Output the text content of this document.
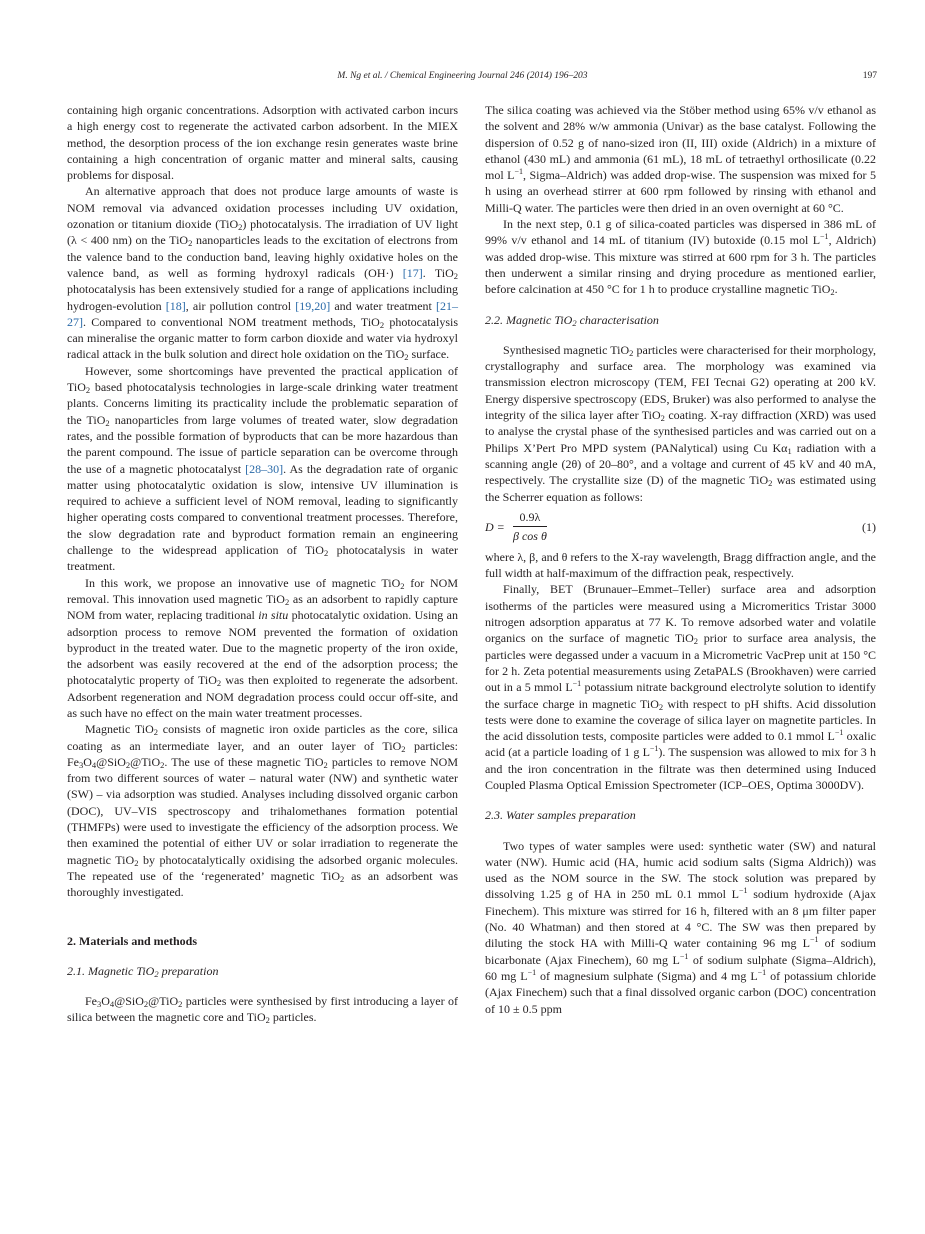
M. Ng et al. / Chemical Engineering Journal 246 (2014) 196–203	197

containing high organic concentrations. Adsorption with activated carbon incurs a high energy cost to regenerate the activated carbon adsorbent. In the MIEX method, the desorption process of the ion exchange resin generates waste brine containing a high concentration of organic matter and mineral salts, causing problems for disposal.

An alternative approach that does not produce large amounts of waste is NOM removal via advanced oxidation processes including UV oxidation, ozonation or titanium dioxide (TiO$_2$) photocatalysis. The irradiation of UV light (λ < 400 nm) on the TiO$_2$ nanoparticles leads to the excitation of electrons from the valence band to the conduction band, leaving highly oxidative holes on the valence band, as well as forming hydroxyl radicals (OH·) [17]. TiO$_2$ photocatalysis has been extensively studied for a range of applications including hydrogen-evolution [18], air pollution control [19,20] and water treatment [21–27]. Compared to conventional NOM treatment methods, TiO$_2$ photocatalysis can mineralise the organic matter to form carbon dioxide and water via hydroxyl radical attack in the bulk solution and direct hole oxidation on the TiO$_2$ surface.

However, some shortcomings have prevented the practical application of TiO$_2$ based photocatalysis technologies in large-scale drinking water treatment plants. Concerns limiting its practicality include the problematic separation of the TiO$_2$ nanoparticles from large volumes of treated water, slow degradation rates, and the possible formation of byproducts that can be more hazardous than the parent compound. The issue of particle separation can be overcome through the use of a magnetic photocatalyst [28–30]. As the degradation rate of organic matter using photocatalytic oxidation is slow, intensive UV illumination is required to achieve a sufficient level of NOM removal, leading to significantly higher operating costs compared to conventional treatment processes. Therefore, the slow degradation rate and byproduct formation remain an engineering challenge to the widespread application of TiO$_2$ photocatalysis in water treatment.

In this work, we propose an innovative use of magnetic TiO$_2$ for NOM removal. This innovation used magnetic TiO$_2$ as an adsorbent to rapidly capture NOM from water, replacing traditional in situ photocatalytic oxidation. Using an adsorption process to remove NOM prevented the formation of oxidation byproduct in the treated water. Due to the magnetic property of the iron oxide, the adsorbent was easily recovered at the end of the adsorption process; the photocatalytic property of TiO$_2$ was then exploited to regenerate the adsorbent. Adsorbent regeneration and NOM degradation process could occur off-site, and as such have no effect on the main water treatment processes.

Magnetic TiO$_2$ consists of magnetic iron oxide particles as the core, silica coating as an intermediate layer, and an outer layer of TiO$_2$ particles: $Fe_3O_4@SiO_2@TiO_2$. The use of these magnetic TiO$_2$ particles to remove NOM from two different sources of water – natural water (NW) and synthetic water (SW) – via adsorption was studied. Analyses including dissolved organic carbon (DOC), UV–VIS spectroscopy and trihalomethanes formation potential (THMFPs) were used to investigate the efficiency of the adsorption process. We then examined the potential of either UV or solar irradiation to regenerate the magnetic TiO$_2$ by photocatalytically oxidising the adsorbed organic molecules. The repeated use of the ‘regenerated’ magnetic TiO$_2$ as an adsorbent was thoroughly investigated.

2. Materials and methods

2.1. Magnetic TiO$_2$ preparation

$Fe_3O_4@SiO_2@TiO_2$ particles were synthesised by first introducing a layer of silica between the magnetic core and TiO$_2$ particles.

The silica coating was achieved via the Stöber method using 65% v/v ethanol as the solvent and 28% w/w ammonia (Univar) as the base catalyst. Following the dispersion of 0.52 g of nano-sized iron (II, III) oxide (Aldrich) in a mixture of ethanol (430 mL) and ammonia (61 mL), 18 mL of tetraethyl orthosilicate (0.22 mol $L^{-1}$, Sigma–Aldrich) was added drop-wise. The suspension was mixed for 5 h using an overhead stirrer at 600 rpm followed by rinsing with ethanol and Milli-Q water. The particles were then dried in an oven overnight at 60 °C.

In the next step, 0.1 g of silica-coated particles was dispersed in 386 mL of 99% v/v ethanol and 14 mL of titanium (IV) butoxide (0.15 mol $L^{-1}$, Aldrich) was added drop-wise. This mixture was stirred at 600 rpm for 3 h. The particles then underwent a similar rinsing and drying procedure as mentioned earlier, before calcination at 450 °C for 1 h to produce crystalline magnetic TiO$_2$.

2.2. Magnetic TiO$_2$ characterisation

Synthesised magnetic TiO$_2$ particles were characterised for their morphology, crystallography and surface area. The morphology was examined via transmission electron microscopy (TEM, FEI Tecnai G2) operating at 200 kV. Energy dispersive spectroscopy (EDS, Bruker) was also performed to analyse the integrity of the silica layer after TiO$_2$ coating. X-ray diffraction (XRD) was used to analyse the crystal phase of the synthesised particles and was carried out on a Philips X’Pert Pro MPD system (PANalytical) using Cu $K\alpha_1$ radiation with a scanning angle (2θ) of 20–80°, and a voltage and current of 45 kV and 40 mA, respectively. The crystallite size (D) of the magnetic TiO$_2$ was estimated using the Scherrer equation as follows:

$D = \frac{0.9\lambda}{\text{β cos θ}}$	(1)

where λ, β, and θ refers to the X-ray wavelength, Bragg diffraction angle, and the full width at half-maximum of the diffraction peak, respectively.

Finally, BET (Brunauer–Emmet–Teller) surface area and adsorption isotherms of the particles were measured using a Micromeritics Tristar 3000 nitrogen adsorption apparatus at 77 K. To remove adsorbed water and volatile organics on the surface of magnetic TiO$_2$ prior to surface area analysis, the particles were degassed under a vacuum in a Micrometric VacPrep unit at 150 °C for 2 h. Zeta potential measurements using ZetaPALS (Brookhaven) were carried out in a 5 mmol $L^{-1}$ potassium nitrate background electrolyte solution to identify the surface charge in magnetic TiO$_2$ with respect to pH shifts. Acid dissolution tests were done to examine the coverage of silica layer on magnetite particles. In the acid dissolution tests, composite particles were added to 0.1 mmol $L^{-1}$ oxalic acid (at a particle loading of 1 g $L^{-1}$). The suspension was allowed to mix for 3 h and the iron concentration in the filtrate was then determined using Induced Coupled Plasma Optical Emission Spectrometer (ICP–OES, Optima 3000DV).

2.3. Water samples preparation

Two types of water samples were used: synthetic water (SW) and natural water (NW). Humic acid (HA, humic acid sodium salts (Sigma Aldrich)) was used as the NOM source in the SW. The stock solution was prepared by dissolving 1.25 g of HA in 250 mL 0.1 mmol $L^{-1}$ sodium hydroxide (Ajax Finechem). This mixture was stirred for 16 h, filtered with an 8 μm filter paper (No. 40 Whatman) and then stored at 4 °C. The SW was then prepared by diluting the stock HA with Milli-Q water containing 96 mg $L^{-1}$ of sodium bicarbonate (Ajax Finechem), 60 mg $L^{-1}$ of sodium sulphate (Sigma–Aldrich), 60 mg $L^{-1}$ of magnesium sulphate (Sigma) and 4 mg $L^{-1}$ of potassium chloride (Ajax Finechem) such that a final dissolved organic carbon (DOC) concentration of 10 ± 0.5 ppm
